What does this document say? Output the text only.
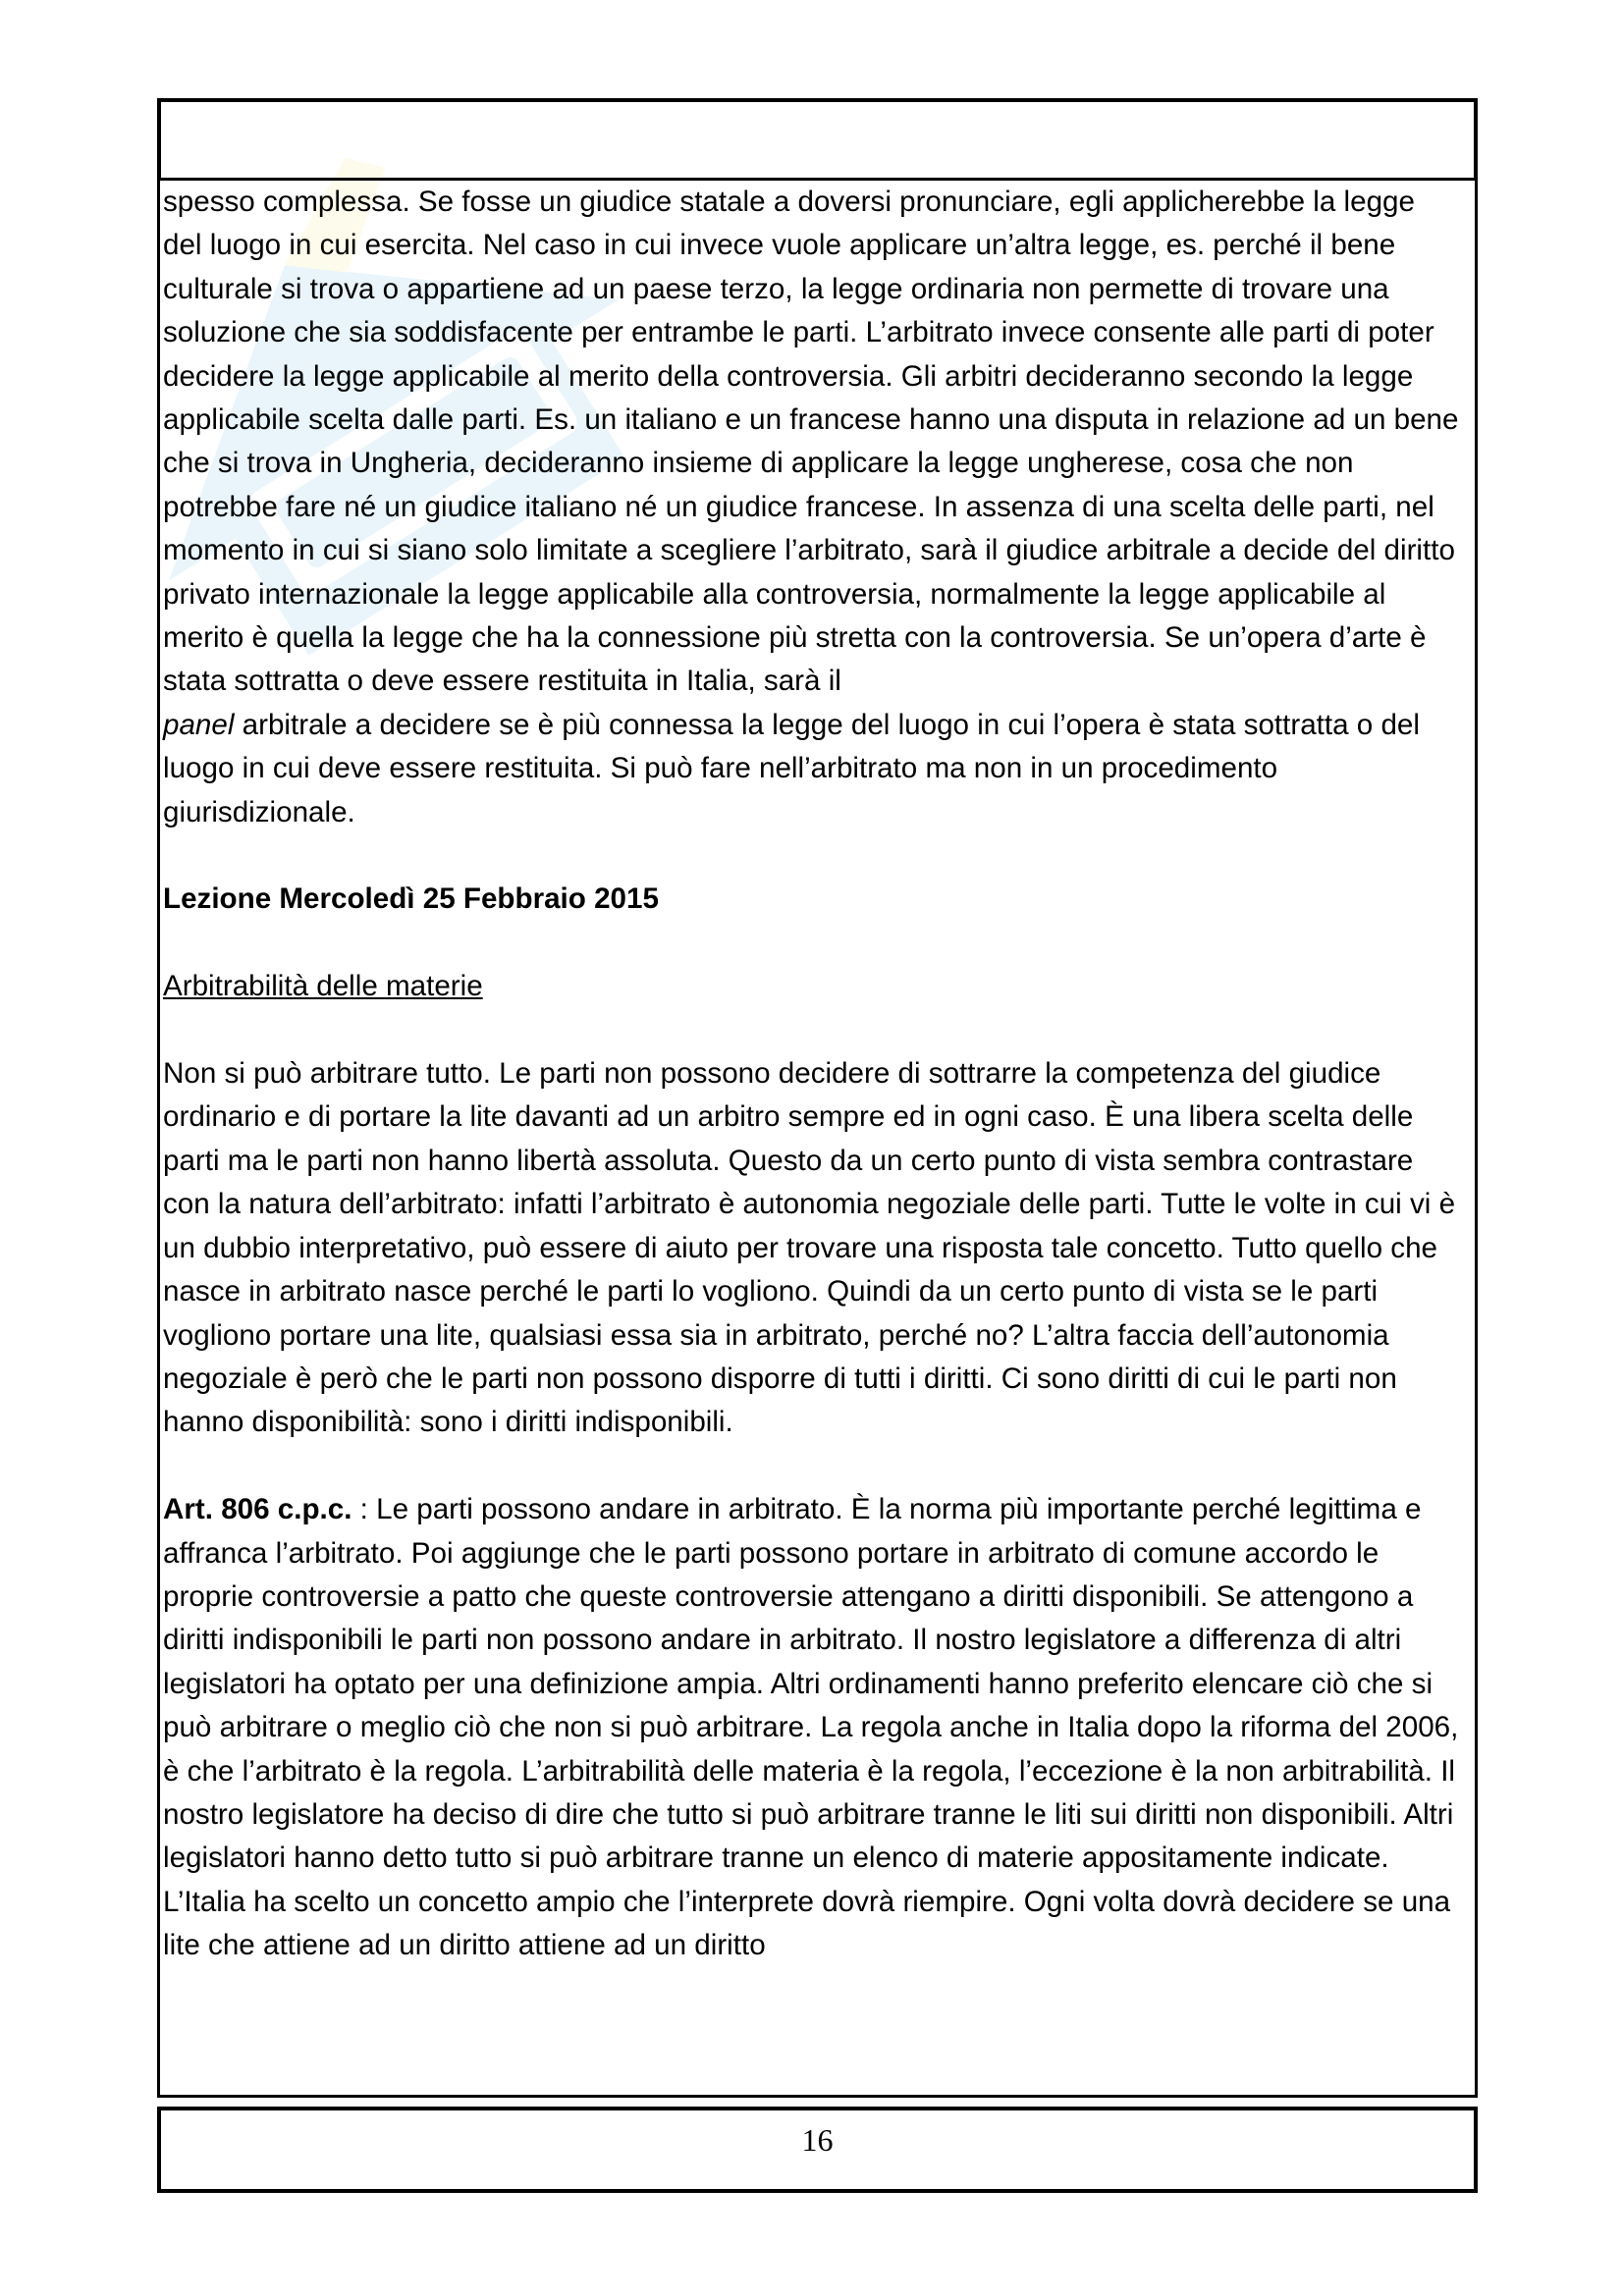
spesso complessa. Se fosse un giudice statale a doversi pronunciare, egli applicherebbe la legge del luogo in cui esercita. Nel caso in cui invece vuole applicare un’altra legge, es. perché il bene culturale si trova o appartiene ad un paese terzo, la legge ordinaria non permette di trovare una soluzione che sia soddisfacente per entrambe le parti. L’arbitrato invece consente alle parti di poter decidere la legge applicabile al merito della controversia. Gli arbitri decideranno secondo la legge applicabile scelta dalle parti. Es. un italiano e un francese hanno una disputa in relazione ad un bene che si trova in Ungheria, decideranno insieme di applicare la legge ungherese, cosa che non potrebbe fare né un giudice italiano né un giudice francese. In assenza di una scelta delle parti, nel momento in cui si siano solo limitate a scegliere l’arbitrato, sarà il giudice arbitrale a decide del diritto privato internazionale la legge applicabile alla controversia, normalmente la legge applicabile al merito è quella la legge che ha la connessione più stretta con la controversia. Se un’opera d’arte è stata sottratta o deve essere restituita in Italia, sarà il
panel arbitrale a decidere se è più connessa la legge del luogo in cui l’opera è stata sottratta o del luogo in cui deve essere restituita. Si può fare nell’arbitrato ma non in un procedimento giurisdizionale.

Lezione Mercoledì 25 Febbraio 2015

Arbitrabilità delle materie

Non si può arbitrare tutto. Le parti non possono decidere di sottrarre la competenza del giudice ordinario e di portare la lite davanti ad un arbitro sempre ed in ogni caso. È una libera scelta delle parti ma le parti non hanno libertà assoluta. Questo da un certo punto di vista sembra contrastare con la natura dell’arbitrato: infatti l’arbitrato è autonomia negoziale delle parti. Tutte le volte in cui vi è un dubbio interpretativo, può essere di aiuto per trovare una risposta tale concetto. Tutto quello che nasce in arbitrato nasce perché le parti lo vogliono. Quindi da un certo punto di vista se le parti vogliono portare una lite, qualsiasi essa sia in arbitrato, perché no? L’altra faccia dell’autonomia negoziale è però che le parti non possono disporre di tutti i diritti. Ci sono diritti di cui le parti non hanno disponibilità: sono i diritti indisponibili.

Art. 806 c.p.c. : Le parti possono andare in arbitrato. È la norma più importante perché legittima e affranca l’arbitrato. Poi aggiunge che le parti possono portare in arbitrato di comune accordo le proprie controversie a patto che queste controversie attengano a diritti disponibili. Se attengono a diritti indisponibili le parti non possono andare in arbitrato. Il nostro legislatore a differenza di altri legislatori ha optato per una definizione ampia. Altri ordinamenti hanno preferito elencare ciò che si può arbitrare o meglio ciò che non si può arbitrare. La regola anche in Italia dopo la riforma del 2006, è che l’arbitrato è la regola. L’arbitrabilità delle materia è la regola, l’eccezione è la non arbitrabilità. Il nostro legislatore ha deciso di dire che tutto si può arbitrare tranne le liti sui diritti non disponibili. Altri legislatori hanno detto tutto si può arbitrare tranne un elenco di materie appositamente indicate. L’Italia ha scelto un concetto ampio che l’interprete dovrà riempire. Ogni volta dovrà decidere se una lite che attiene ad un diritto attiene ad un diritto

16
